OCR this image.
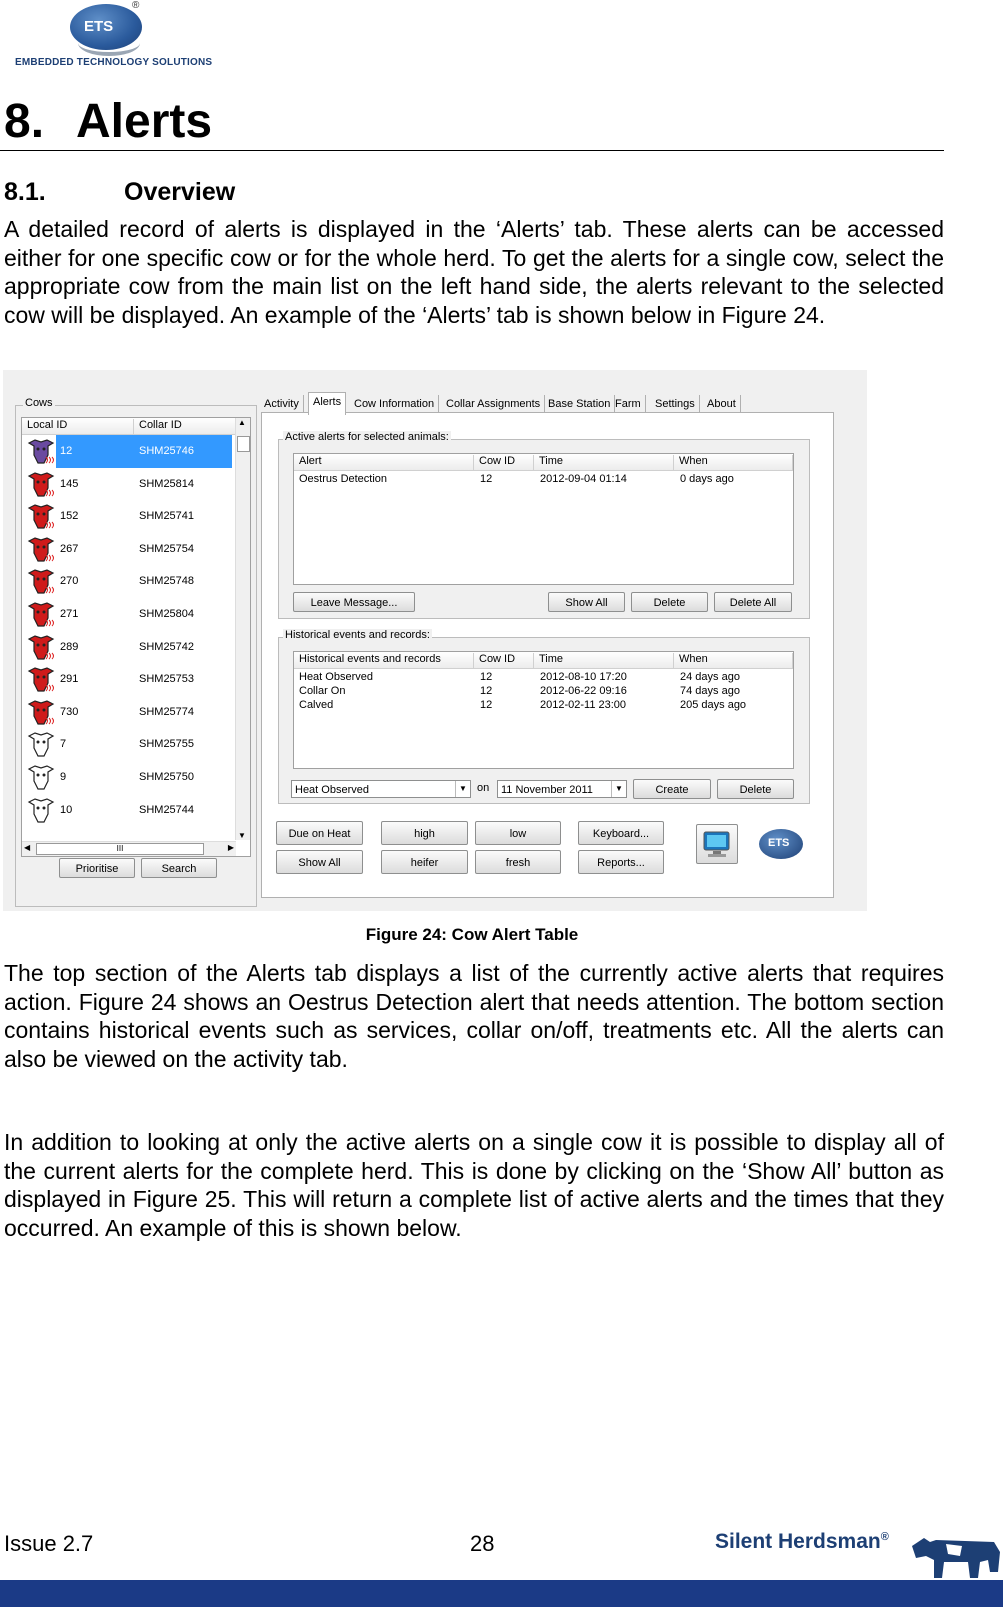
ETS
®
EMBEDDED TECHNOLOGY SOLUTIONS
8. Alerts
8.1.	Overview
A detailed record of alerts is displayed in the ‘Alerts’ tab. These alerts can be accessed either for one specific cow or for the whole herd. To get the alerts for a single cow, select the appropriate cow from the main list on the left hand side, the alerts relevant to the selected cow will be displayed. An example of the ‘Alerts’ tab is shown below in Figure 24.
Cows
Local ID	Collar ID
12	SHM25746
145	SHM25814
152	SHM25741
267	SHM25754
270	SHM25748
271	SHM25804
289	SHM25742
291	SHM25753
730	SHM25774
7	SHM25755
9	SHM25750
10	SHM25744
▲
▼
◀	III	▶
Prioritise	Search
Activity	Alerts	Cow Information	Collar Assignments Base Station Farm	Settings	About
Active alerts for selected animals:
Alert	Cow ID	Time	When
Oestrus Detection	12	2012-09-04 01:14	0 days ago
Leave Message...	Show All	Delete	Delete All
Historical events and records:
Historical events and records	Cow ID	Time	When
Heat Observed	12	2012-08-10 17:20	24 days ago
Collar On	12	2012-06-22 09:16	74 days ago
Calved	12	2012-02-11 23:00	205 days ago
Heat Observed	▼ on	11 November 2011	▼	Create	Delete
Due on Heat	high	low	Keyboard...
Show All	heifer	fresh	Reports...
ETS
Figure 24: Cow Alert Table
The top section of the Alerts tab displays a list of the currently active alerts that requires action. Figure 24 shows an Oestrus Detection alert that needs attention. The bottom section contains historical events such as services, collar on/off, treatments etc. All the alerts can also be viewed on the activity tab.
In addition to looking at only the active alerts on a single cow it is possible to display all of the current alerts for the complete herd. This is done by clicking on the ‘Show All’ button as displayed in Figure 25. This will return a complete list of active alerts and the times that they occurred. An example of this is shown below.
Issue 2.7	28	Silent Herdsman®
